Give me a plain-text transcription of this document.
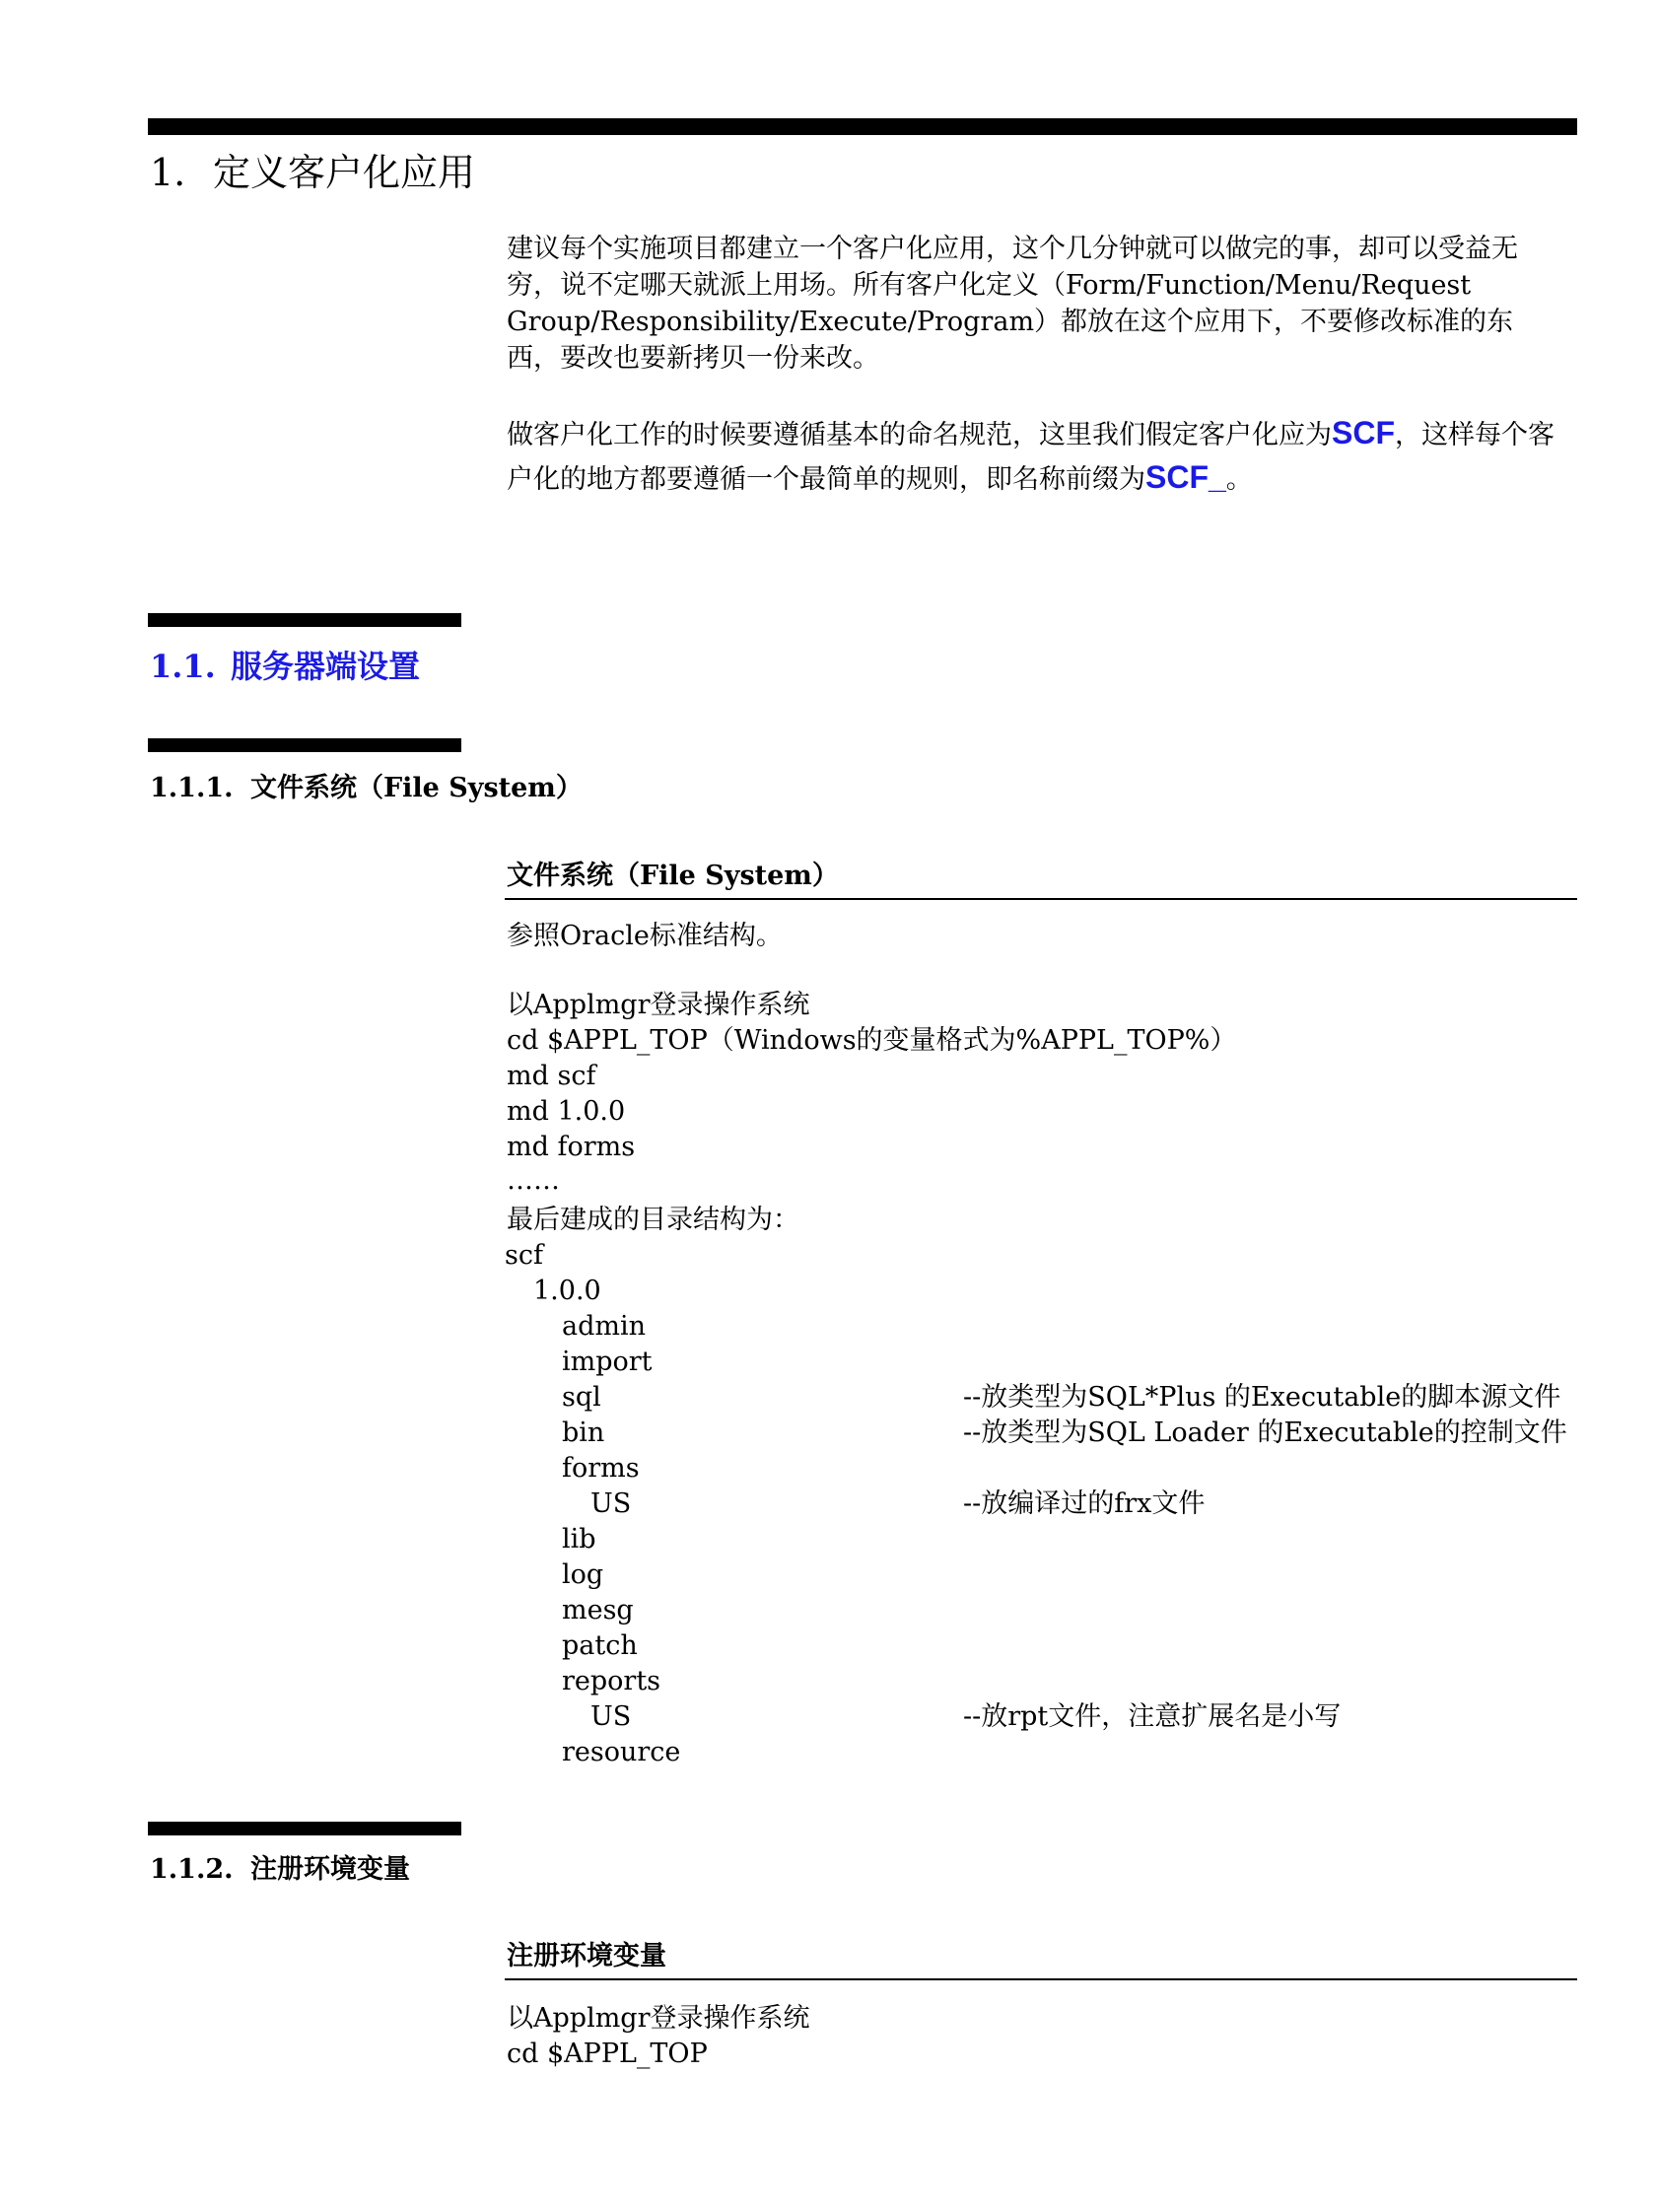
1. 定义客户化应用
建议每个实施项目都建立一个客户化应用，这个几分钟就可以做完的事，却可以受益无穷，说不定哪天就派上用场。所有客户化定义（Form/Function/Menu/Request Group/Responsibility/Execute/Program）都放在这个应用下，不要修改标准的东西，要改也要新拷贝一份来改。
做客户化工作的时候要遵循基本的命名规范，这里我们假定客户化应为SCF，这样每个客户化的地方都要遵循一个最简单的规则，即名称前缀为SCF_。
1.1. 服务器端设置
1.1.1. 文件系统（File System）
文件系统（File System）
参照Oracle标准结构。
以Applmgr登录操作系统
cd $APPL_TOP（Windows的变量格式为%APPL_TOP%）
md scf
md 1.0.0
md forms
……
最后建成的目录结构为：
scf
1.0.0
admin
import
sql	--放类型为SQL*Plus 的Executable的脚本源文件
bin	--放类型为SQL Loader 的Executable的控制文件
forms
US	--放编译过的frx文件
lib
log
mesg
patch
reports
US	--放rpt文件，注意扩展名是小写
resource
1.1.2. 注册环境变量
注册环境变量
以Applmgr登录操作系统
cd $APPL_TOP
